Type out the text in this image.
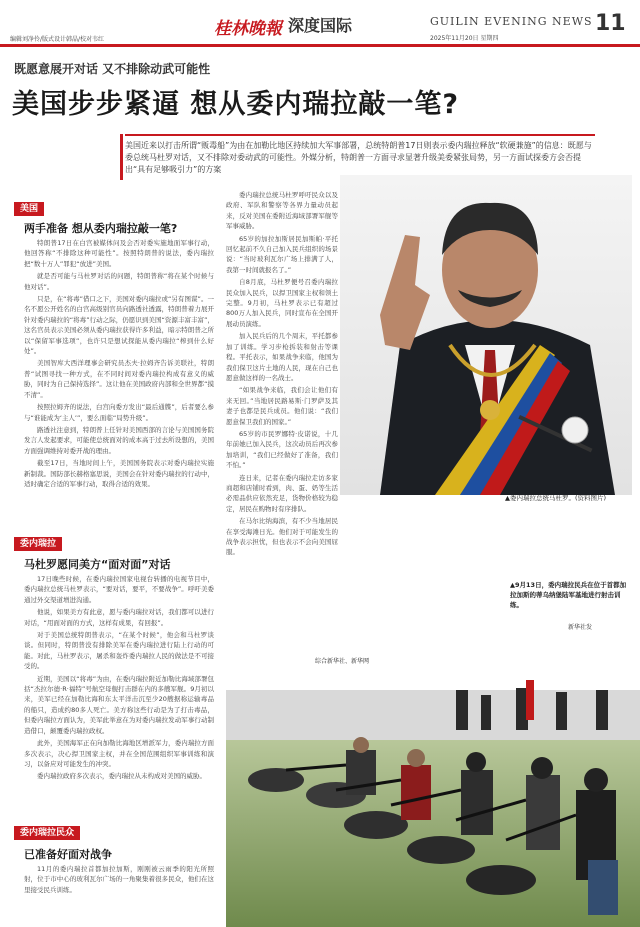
编辑刘净伶/版式设计韩晶/校对韦红
桂林晚報 深度国际	GUILIN EVENING NEWS
2025年11月20日 星期四
11
既愿意展开对话 又不排除动武可能性
美国步步紧逼 想从委内瑞拉敲一笔?
美国近来以打击所谓“贩毒船”为由在加勒比地区持续加大军事部署，总统特朗普17日则表示委内瑞拉释放“软硬兼施”的信息：既愿与委总统马杜罗对话，又不排除对委动武的可能性。外媒分析，特朗普一方面寻求显著升级美委紧张局势，另一方面试探委方会否提出“具有足够吸引力”的方案
美国
两手准备 想从委内瑞拉敲一笔?

特朗普17日在白宫被媒体问及会否对委实施地面军事行动，他回答称“不排除这种可能性”。按照特朗普的说法，委内瑞拉把“数十万人”罪犯“放进”美国。

就是否可能与马杜罗对话的问题，特朗普称“将在某个时候与他对话”。

只是，在“将毒”借口之下，美国对委内瑞拉或“另有图谋”。一名不愿公开姓名的白宫高级别官员向路透社透露，特朗普着力展开针对委内瑞拉的“将毒”行动之际，仍愿识到美国“资源丰富丰富”，这名官员表示美国必须从委内瑞拉获得许多利益，暗示特朗普之所以“保留军事选项”，也许只是想试探能从委内瑞拉“榨到什么好处”。

美国智库大西洋理事会研究员杰夫·拉姆齐告诉美联社，特朗普“试图寻找一种方式，在不同时间对委内瑞拉构成有意义的威胁，同时为自己保持选择”。这让他在美国政府内部和全世界都“摸不清”。

按照拉姆齐的说法，白宫向委方发出“最后通牒”，后者要么参与“谁能成为‘主人’”，要么面临“局势升级”。

路透社注意到，特朗普上任针对美国西部的言论与美国国务院发言人发起要求，可能使总统面对的成本高于过去所设想的，美国方面强调维持对委开战的理由。

截至17日，当地时间上午，美国国务院表示对委内瑞拉实施新制裁。国防部长赫格塞思说，美国会在针对委内瑞拉的行动中，适时确定合适的军事行动，取得合适的效果。

委内瑞拉
马杜罗愿同美方“面对面”对话

17日晚些时候，在委内瑞拉国家电视台转播的电视节目中，委内瑞拉总统马杜罗表示，“要对话，要平，不要战争”。呼吁美委通过外交渠道增进沟通。

他说，如果美方有此意，愿与委内瑞拉对话，我们都可以进行对话，“用面对面的方式，这样有成果，有回报”。

对于美国总统特朗普表示，“在某个时候”，他会和马杜罗谈谈。但同时，特朗普没有排除美军在委内瑞拉进行陆上行动的可能。对此，马杜罗表示，屠杀和轰炸委内瑞拉人民的做法是不可接受的。

近期，美国以“将毒”为由，在委内瑞拉附近加勒比海域部署包括“杰拉尔德·R·福特”号航空母舰打击群在内的多艘军舰。9月初以来，美军已经在加勒比海和东太平洋击沉至少20艘据称运输毒品的船只，造成约80多人死亡。美方称这些行动是为了打击毒品，但委内瑞拉方面认为，美军此举意在为对委内瑞拉发动军事行动制造借口，颠覆委内瑞拉政权。

此外，美国海军正在向加勒比海地区增派军力，委内瑞拉方面多次表示，决心捍卫国家主权，并在全国范围组织军事训练和演习，以备应对可能发生的冲突。

委内瑞拉政府多次表示，委内瑞拉从未构成对美国的威胁。

委内瑞拉民众
已准备好面对战争

11月的委内瑞拉首都加拉加斯，刚刚被云雨季的阳光所照射，位于市中心的玻利瓦尔广场的一角聚集着很多民众，他们在这里接受民兵训练。

委内瑞拉总统马杜罗呼吁民众以及政府、军队和警察等各界力量动员起来，反对美国在委附近海域部署军舰等军事威胁。

65岁的加拉加斯居民加斯帕·平托回忆起前不久自己加入民兵组织的场景说：“当时玻利瓦尔广场上排满了人，我第一时间就报名了。”

自8月底，马杜罗便号召委内瑞拉民众加入民兵，以捍卫国家主权和领土完整。9月初，马杜罗表示已有超过800万人加入民兵，同时宣布在全国开展动员演练。

加入民兵后的几个周末，平托都参加了训练。学习步枪拆装和射击等课程。平托表示，如果战争来临，他国为我们保卫这片土地的人民，现在自己也愿意做这样的一名战士。

“如果战争来临，我们会让他们有来无回。”当地居民路易斯·门罗萨及其妻子也都是民兵成员。他们说：“我们愿意保卫我们的国家。”

65岁的市民罗娜特·皮诺说，十几年前她已加入民兵，这次动员后再次参加培训，“我们已经做好了准备，我们不怕。”

连日来，记者在委内瑞拉走访多家商超和店铺时看到，肉、蛋、奶等生活必需品供应依然充足，货物价格较为稳定，居民在购物时有序排队。

在马尔比纳海滨，有不少当地居民在享受海滩日光。他们对于可能发生的战争表示担忧，但也表示不会向美国屈服。

▲委内瑞拉总统马杜罗。(资料图片)
综合新华社、新华网
▲9月13日，委内瑞拉民兵在位于首都加拉加斯的蒂乌纳堡陆军基地进行射击训练。
新华社发
